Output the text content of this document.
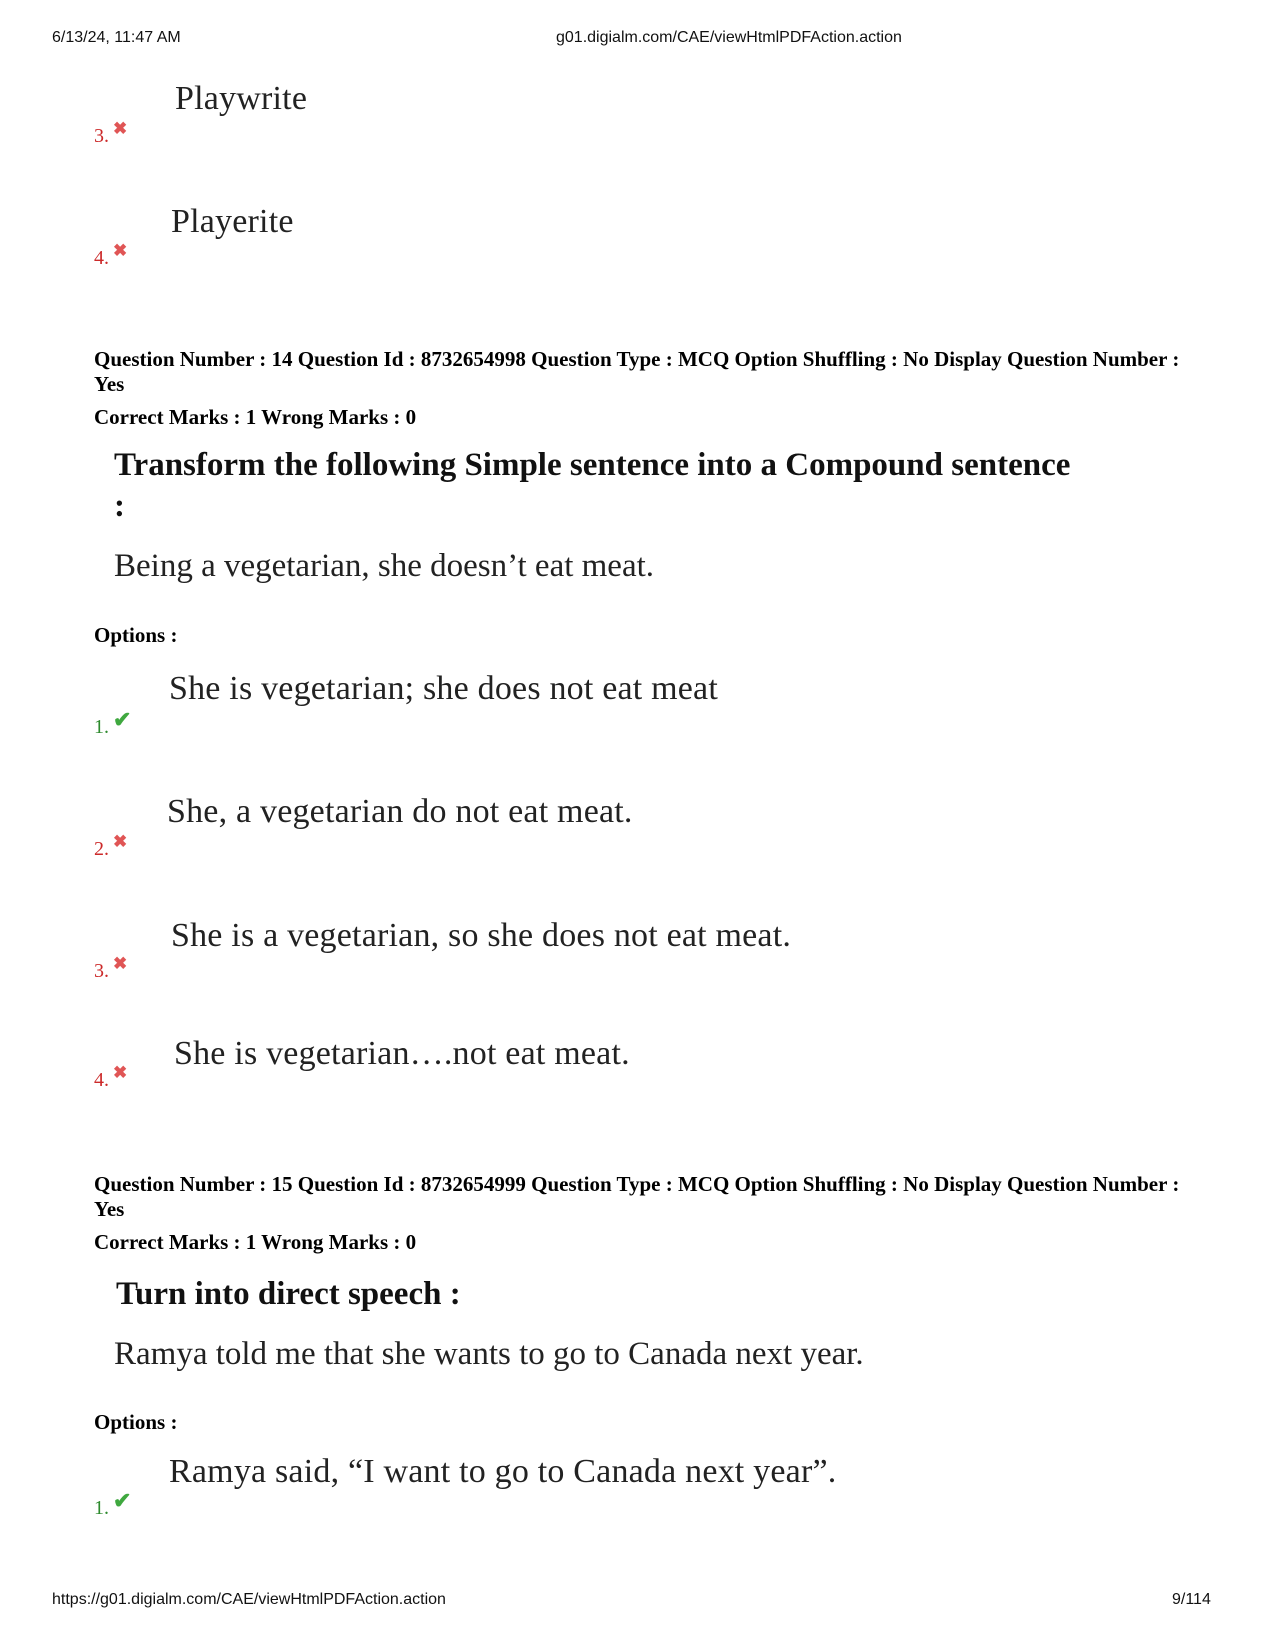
6/13/24, 11:47 AM	g01.digialm.com/CAE/viewHtmlPDFAction.action
Playwrite
3. ✖
Playerite
4. ✖
Question Number : 14 Question Id : 8732654998 Question Type : MCQ Option Shuffling : No Display Question Number : Yes
Correct Marks : 1 Wrong Marks : 0
Transform the following Simple sentence into a Compound sentence :
Being a vegetarian, she doesn’t eat meat.
Options :
She is vegetarian; she does not eat meat
1. ✔
She, a vegetarian do not eat meat.
2. ✖
She is a vegetarian, so she does not eat meat.
3. ✖
She is vegetarian….not eat meat.
4. ✖
Question Number : 15 Question Id : 8732654999 Question Type : MCQ Option Shuffling : No Display Question Number : Yes
Correct Marks : 1 Wrong Marks : 0
Turn into direct speech :
Ramya told me that she wants to go to Canada next year.
Options :
Ramya said, “I want to go to Canada next year”.
1. ✔
https://g01.digialm.com/CAE/viewHtmlPDFAction.action	9/114
